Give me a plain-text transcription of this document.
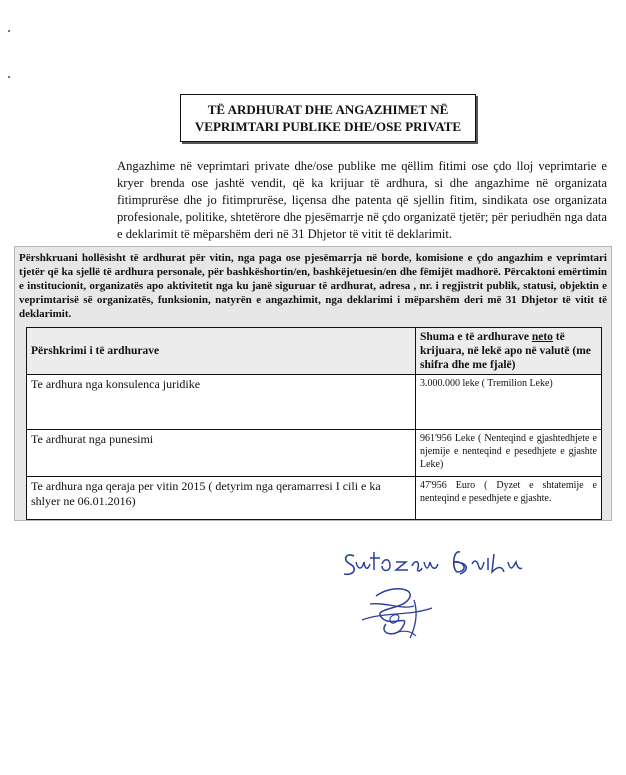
TË ARDHURAT DHE ANGAZHIMET NË
VEPRIMTARI PUBLIKE DHE/OSE PRIVATE
Angazhime në veprimtari private dhe/ose publike me qëllim fitimi ose çdo lloj veprimtarie e kryer brenda ose jashtë vendit, që ka krijuar të ardhura, si dhe angazhime në organizata fitimprurëse dhe jo fitimprurëse, liçensa dhe patenta që sjellin fitim, sindikata ose organizata profesionale, politike, shtetërore dhe pjesëmarrje në çdo organizatë tjetër; për periudhën nga data e deklarimit të mëparshëm deri në 31 Dhjetor të vitit të deklarimit.
Përshkruani hollësisht të ardhurat për vitin, nga paga ose pjesëmarrja në borde, komisione e çdo angazhim e veprimtari tjetër që ka sjellë të ardhura personale, për bashkëshortin/en, bashkëjetuesin/en dhe fëmijët madhorë. Përcaktoni emërtimin e institucionit, organizatës apo aktivitetit nga ku janë siguruar të ardhurat, adresa , nr. i regjistrit publik, statusi, objektin e veprimtarisë së organizatës, funksionin, natyrën e angazhimit, nga deklarimi i mëparshëm deri më 31 Dhjetor të vitit të deklarimit.
Përshkrimi i të ardhurave	Shuma e të ardhurave neto të krijuara, në lekë apo në valutë (me shifra dhe me fjalë)
Te ardhura nga konsulenca juridike	3.000.000 leke ( Tremilion Leke)
Te ardhurat nga punesimi	961'956 Leke ( Nenteqind e gjashtedhjete e njemije e nenteqind e pesedhjete e gjashte Leke)
Te ardhura nga qeraja per vitin 2015 ( detyrim nga qeramarresi I cili e ka shlyer ne 06.01.2016)	47'956 Euro ( Dyzet e shtatemije e nenteqind e pesedhjete e gjashte.
